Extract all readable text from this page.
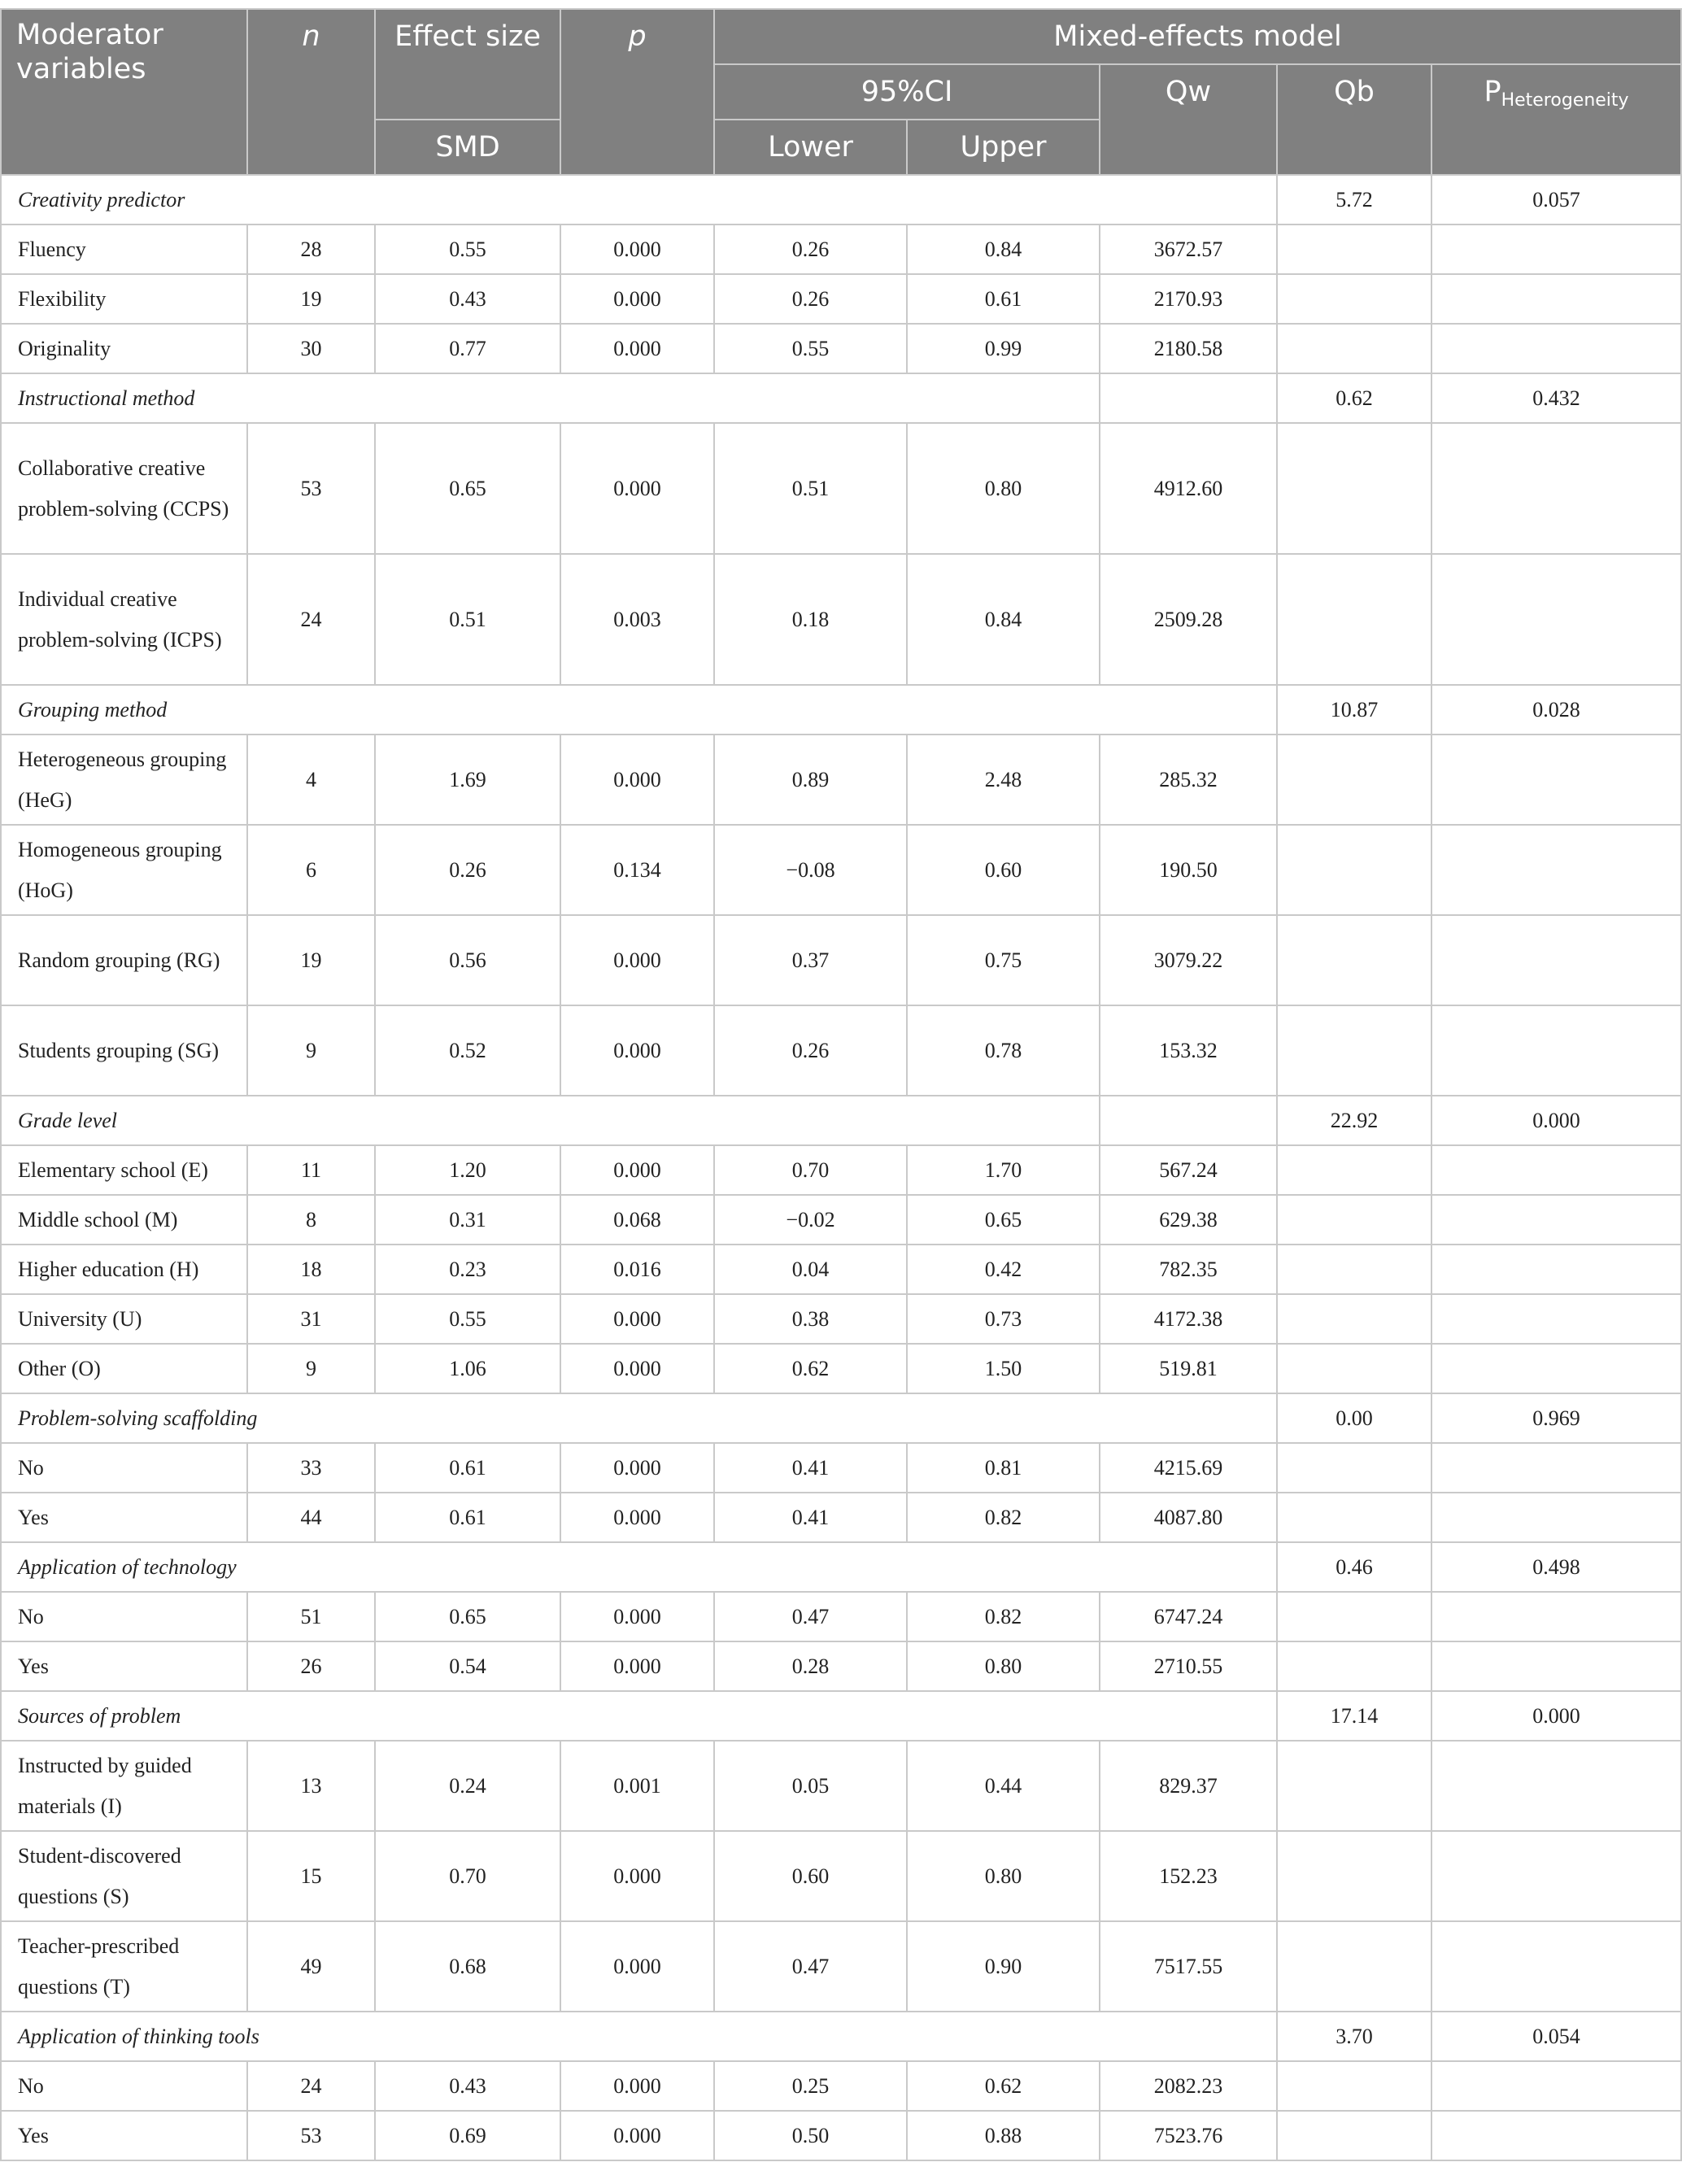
Moderator variables	n	Effect size	p	Mixed-effects model				
				95%CI		Qw	Qb	$P_{Heterogeneity}$
		SMD		Lower	Upper			
Creativity predictor							5.72	0.057
Fluency	28	0.55	0.000	0.26	0.84	3672.57		
Flexibility	19	0.43	0.000	0.26	0.61	2170.93		
Originality	30	0.77	0.000	0.55	0.99	2180.58		
Instructional method							0.62	0.432
Collaborative creative problem-solving (CCPS)	53	0.65	0.000	0.51	0.80	4912.60		
Individual creative problem-solving (ICPS)	24	0.51	0.003	0.18	0.84	2509.28		
Grouping method							10.87	0.028
Heterogeneous grouping (HeG)	4	1.69	0.000	0.89	2.48	285.32		
Homogeneous grouping (HoG)	6	0.26	0.134	−0.08	0.60	190.50		
Random grouping (RG)	19	0.56	0.000	0.37	0.75	3079.22		
Students grouping (SG)	9	0.52	0.000	0.26	0.78	153.32		
Grade level							22.92	0.000
Elementary school (E)	11	1.20	0.000	0.70	1.70	567.24		
Middle school (M)	8	0.31	0.068	−0.02	0.65	629.38		
Higher education (H)	18	0.23	0.016	0.04	0.42	782.35		
University (U)	31	0.55	0.000	0.38	0.73	4172.38		
Other (O)	9	1.06	0.000	0.62	1.50	519.81		
Problem-solving scaffolding							0.00	0.969
No	33	0.61	0.000	0.41	0.81	4215.69		
Yes	44	0.61	0.000	0.41	0.82	4087.80		
Application of technology							0.46	0.498
No	51	0.65	0.000	0.47	0.82	6747.24		
Yes	26	0.54	0.000	0.28	0.80	2710.55		
Sources of problem							17.14	0.000
Instructed by guided materials (I)	13	0.24	0.001	0.05	0.44	829.37		
Student-discovered questions (S)	15	0.70	0.000	0.60	0.80	152.23		
Teacher-prescribed questions (T)	49	0.68	0.000	0.47	0.90	7517.55		
Application of thinking tools							3.70	0.054
No	24	0.43	0.000	0.25	0.62	2082.23		
Yes	53	0.69	0.000	0.50	0.88	7523.76		
